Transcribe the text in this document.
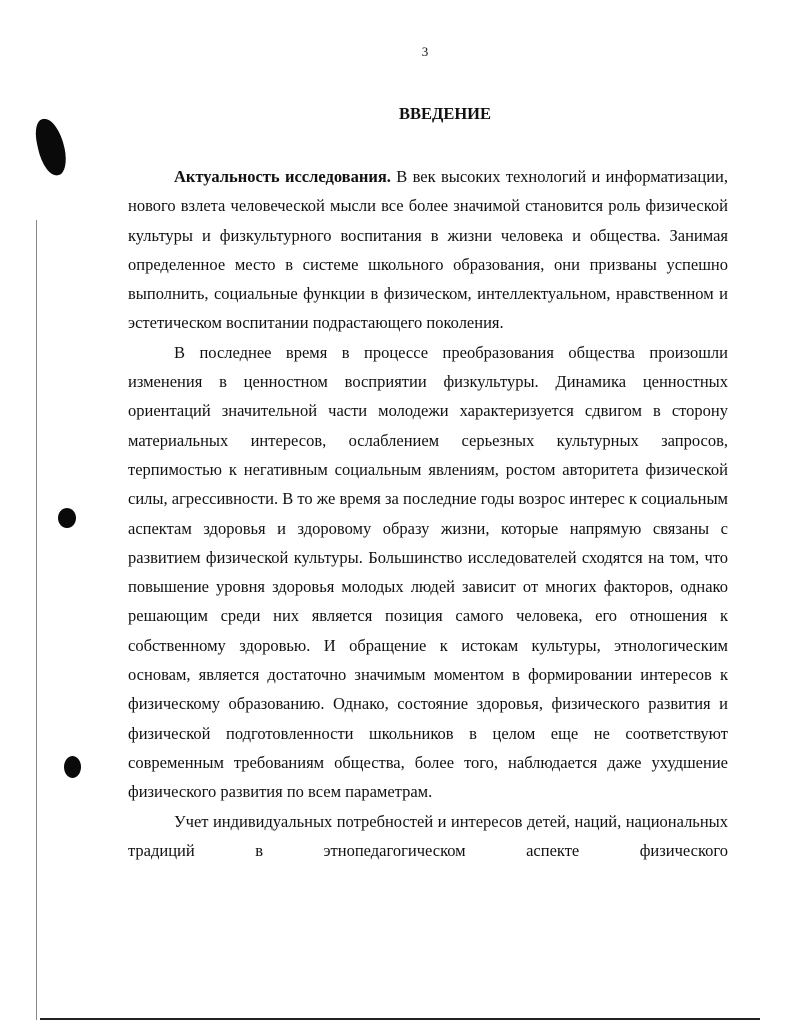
3
ВВЕДЕНИЕ

Актуальность исследования. В век высоких технологий и информатизации, нового взлета человеческой мысли все более значимой становится роль физической культуры и физкультурного воспитания в жизни человека и общества. Занимая определенное место в системе школьного образования, они призваны успешно выполнить, социальные функции в физическом, интеллектуальном, нравственном и эстетическом воспитании подрастающего поколения.

В последнее время в процессе преобразования общества произошли изменения в ценностном восприятии физкультуры. Динамика ценностных ориентаций значительной части молодежи характеризуется сдвигом в сторону материальных интересов, ослаблением серьезных культурных запросов, терпимостью к негативным социальным явлениям, ростом авторитета физической силы, агрессивности. В то же время за последние годы возрос интерес к социальным аспектам здоровья и здоровому образу жизни, которые напрямую связаны с развитием физической культуры. Большинство исследователей сходятся на том, что повышение уровня здоровья молодых людей зависит от многих факторов, однако решающим среди них является позиция самого человека, его отношения к собственному здоровью. И обращение к истокам культуры, этнологическим основам, является достаточно значимым моментом в формировании интересов к физическому образованию. Однако, состояние здоровья, физического развития и физической подготовленности школьников в целом еще не соответствуют современным требованиям общества, более того, наблюдается даже ухудшение физического развития по всем параметрам.

Учет индивидуальных потребностей и интересов детей, наций, национальных традиций в этнопедагогическом аспекте физического
